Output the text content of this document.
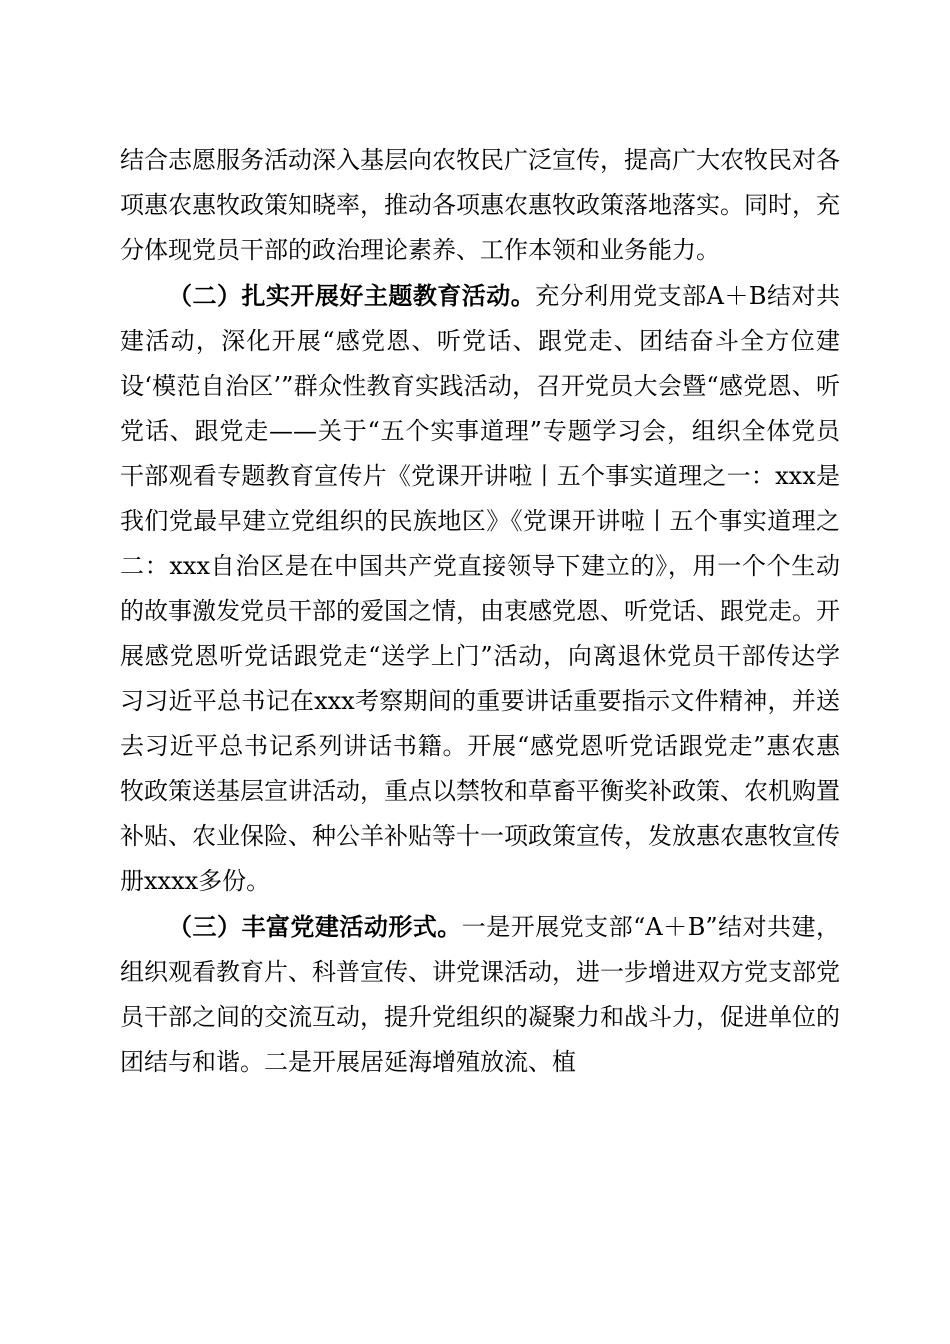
结合志愿服务活动深入基层向农牧民广泛宣传，提高广大农牧民对各项惠农惠牧政策知晓率，推动各项惠农惠牧政策落地落实。同时，充分体现党员干部的政治理论素养、工作本领和业务能力。

（二）扎实开展好主题教育活动。充分利用党支部A＋B结对共建活动，深化开展“感党恩、听党话、跟党走、团结奋斗全方位建设‘模范自治区’”群众性教育实践活动，召开党员大会暨“感党恩、听党话、跟党走——关于“五个实事道理”专题学习会，组织全体党员干部观看专题教育宣传片《党课开讲啦丨五个事实道理之一：xxx是我们党最早建立党组织的民族地区》《党课开讲啦丨五个事实道理之二：xxx自治区是在中国共产党直接领导下建立的》，用一个个生动的故事激发党员干部的爱国之情，由衷感党恩、听党话、跟党走。开展感党恩听党话跟党走“送学上门”活动，向离退休党员干部传达学习习近平总书记在xxx考察期间的重要讲话重要指示文件精神，并送去习近平总书记系列讲话书籍。开展“感党恩听党话跟党走”惠农惠牧政策送基层宣讲活动，重点以禁牧和草畜平衡奖补政策、农机购置补贴、农业保险、种公羊补贴等十一项政策宣传，发放惠农惠牧宣传册xxxx多份。

（三）丰富党建活动形式。一是开展党支部“A＋B”结对共建，组织观看教育片、科普宣传、讲党课活动，进一步增进双方党支部党员干部之间的交流互动，提升党组织的凝聚力和战斗力，促进单位的团结与和谐。二是开展居延海增殖放流、植
